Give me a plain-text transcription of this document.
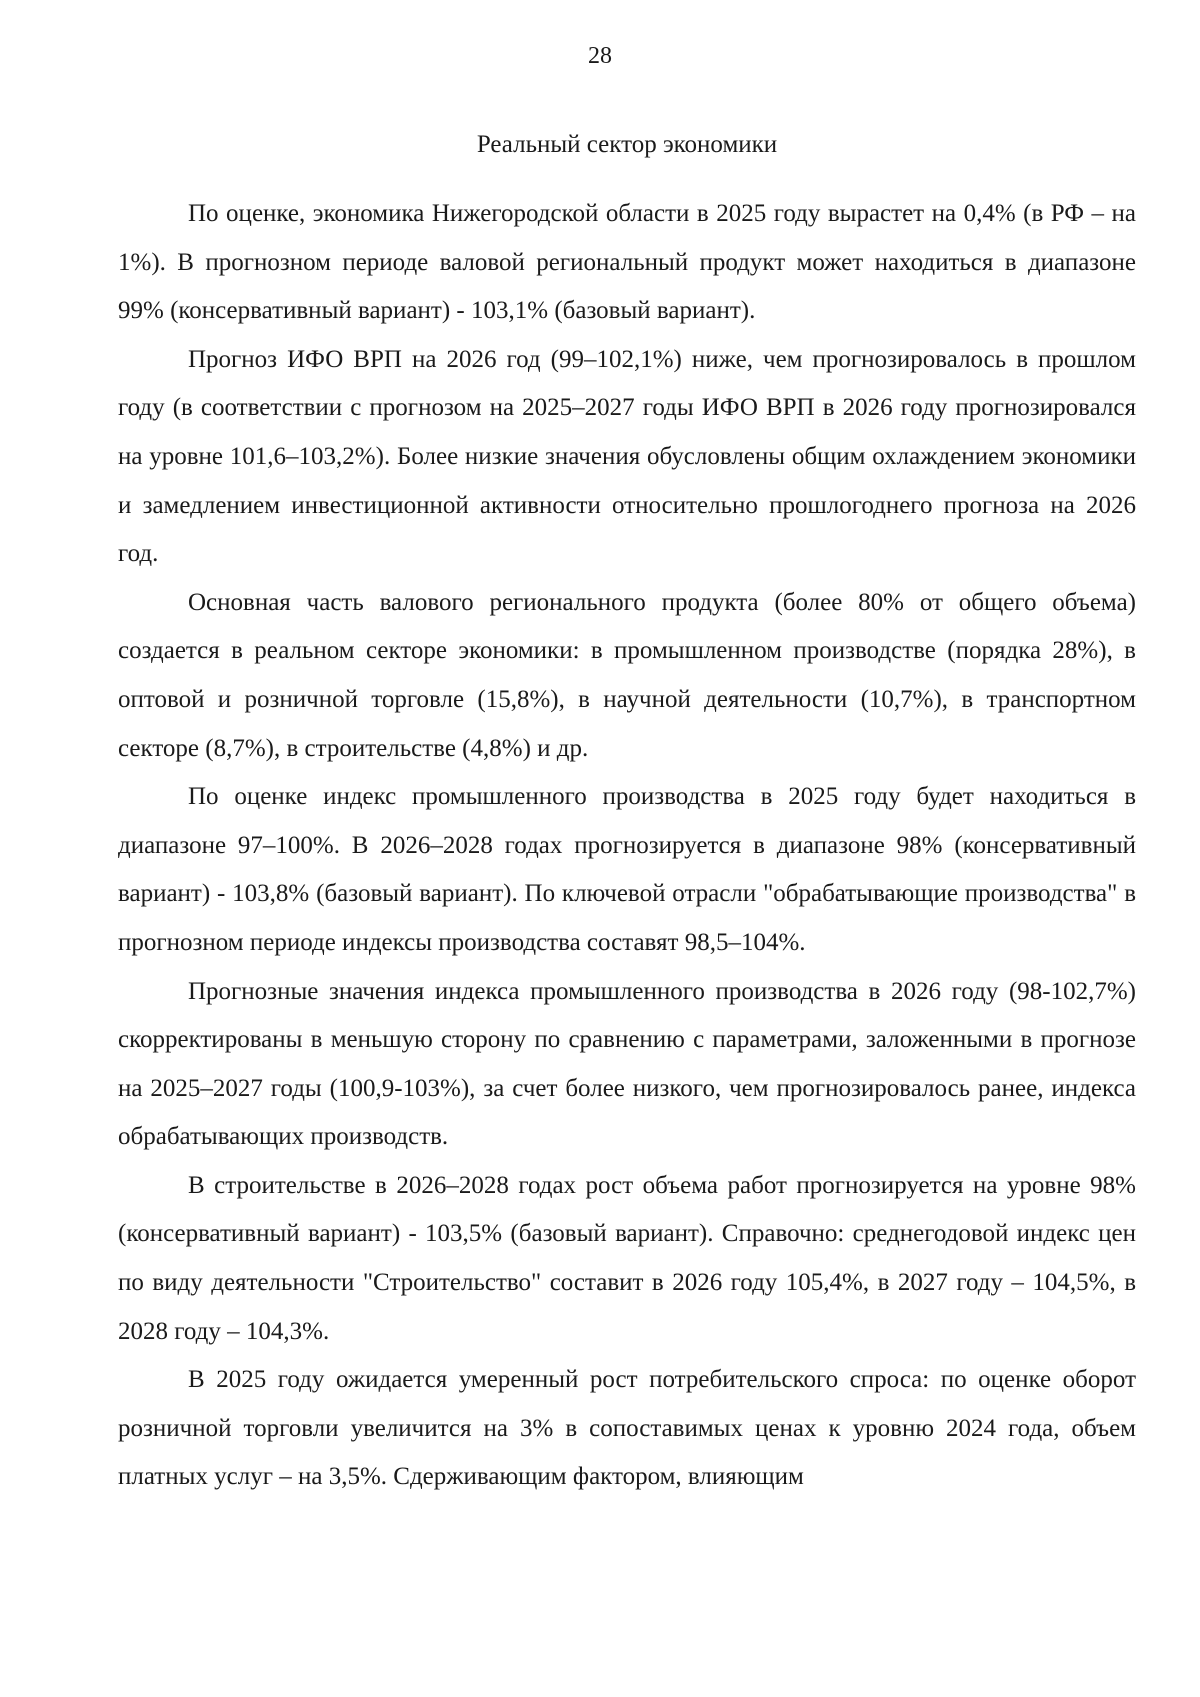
28
Реальный сектор экономики

По оценке, экономика Нижегородской области в 2025 году вырастет на 0,4% (в РФ – на 1%). В прогнозном периоде валовой региональный продукт может находиться в диапазоне 99% (консервативный вариант) - 103,1% (базовый вариант).

Прогноз ИФО ВРП на 2026 год (99–102,1%) ниже, чем прогнозировалось в прошлом году (в соответствии с прогнозом на 2025–2027 годы ИФО ВРП в 2026 году прогнозировался на уровне 101,6–103,2%). Более низкие значения обусловлены общим охлаждением экономики и замедлением инвестиционной активности относительно прошлогоднего прогноза на 2026 год.

Основная часть валового регионального продукта (более 80% от общего объема) создается в реальном секторе экономики: в промышленном производстве (порядка 28%), в оптовой и розничной торговле (15,8%), в научной деятельности (10,7%), в транспортном секторе (8,7%), в строительстве (4,8%) и др.

По оценке индекс промышленного производства в 2025 году будет находиться в диапазоне 97–100%. В 2026–2028 годах прогнозируется в диапазоне 98% (консервативный вариант) - 103,8% (базовый вариант). По ключевой отрасли "обрабатывающие производства" в прогнозном периоде индексы производства составят 98,5–104%.

Прогнозные значения индекса промышленного производства в 2026 году (98-102,7%) скорректированы в меньшую сторону по сравнению с параметрами, заложенными в прогнозе на 2025–2027 годы (100,9-103%), за счет более низкого, чем прогнозировалось ранее, индекса обрабатывающих производств.

В строительстве в 2026–2028 годах рост объема работ прогнозируется на уровне 98% (консервативный вариант) - 103,5% (базовый вариант). Справочно: среднегодовой индекс цен по виду деятельности "Строительство" составит в 2026 году 105,4%, в 2027 году – 104,5%, в 2028 году – 104,3%.

В 2025 году ожидается умеренный рост потребительского спроса: по оценке оборот розничной торговли увеличится на 3% в сопоставимых ценах к уровню 2024 года, объем платных услуг – на 3,5%. Сдерживающим фактором, влияющим
